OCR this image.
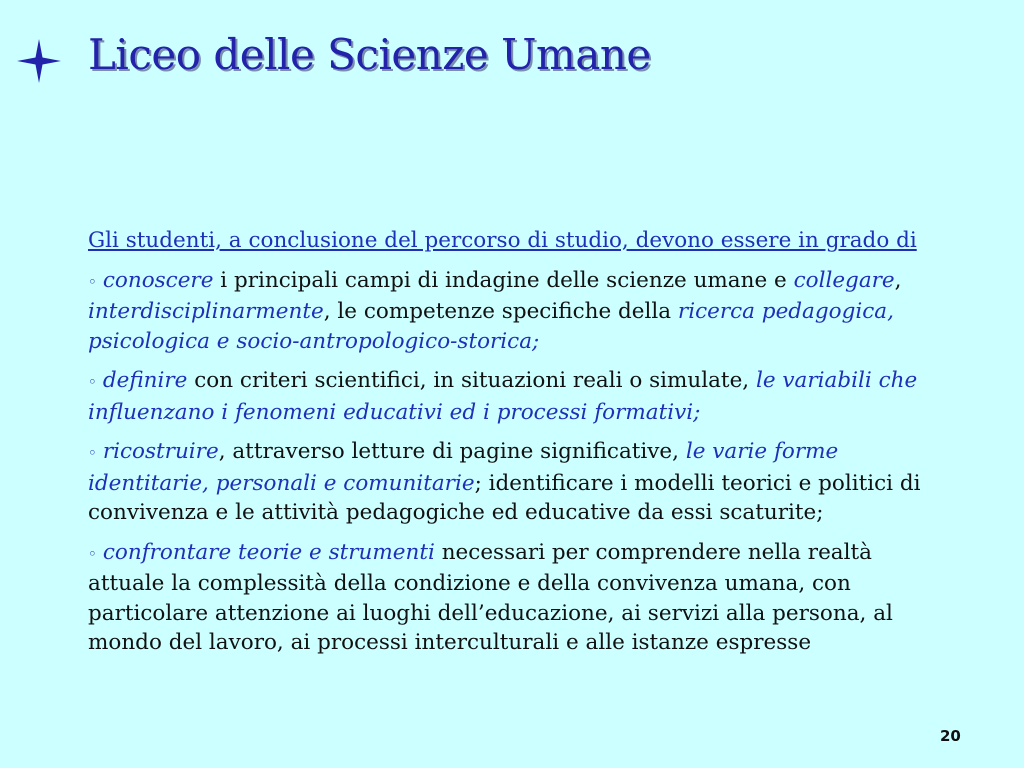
Liceo delle Scienze Umane

Gli studenti, a conclusione del percorso di studio, devono essere in grado di

◦ conoscere i principali campi di indagine delle scienze umane e collegare, interdisciplinarmente, le competenze specifiche della ricerca pedagogica, psicologica e socio-antropologico-storica;

◦ definire con criteri scientifici, in situazioni reali o simulate, le variabili che influenzano i fenomeni educativi ed i processi formativi;

◦ ricostruire, attraverso letture di pagine significative, le varie forme identitarie, personali e comunitarie; identificare i modelli teorici e politici di convivenza e le attività pedagogiche ed educative da essi scaturite;

◦ confrontare teorie e strumenti necessari per comprendere nella realtà attuale la complessità della condizione e della convivenza umana, con particolare attenzione ai luoghi dell’educazione, ai servizi alla persona, al mondo del lavoro, ai processi interculturali e alle istanze espresse

20
